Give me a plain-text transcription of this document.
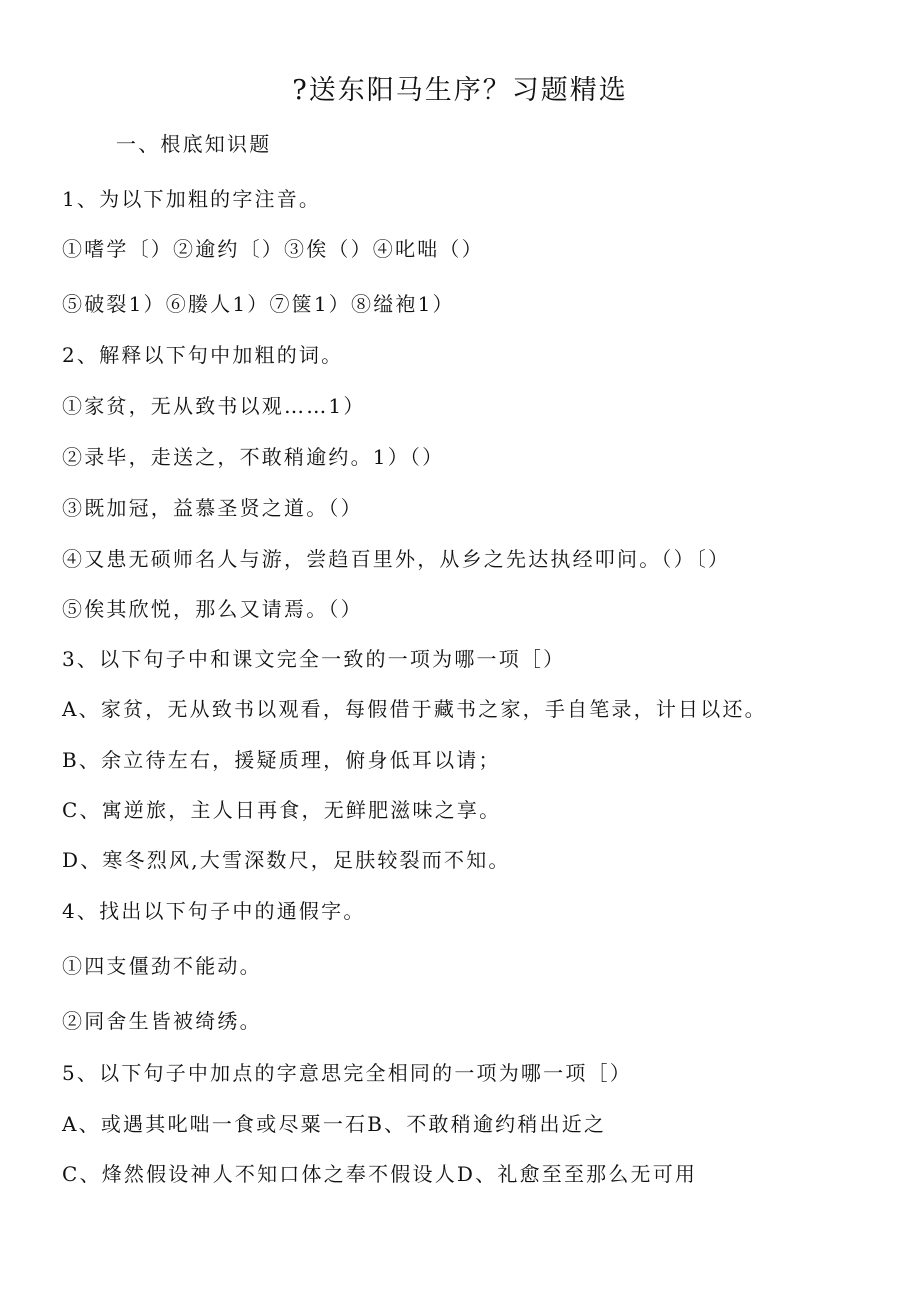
?送东阳马生序？习题精选
一、根底知识题
1、为以下加粗的字注音。
①嗜学〔）②逾约〔）③俟（）④叱咄（）
⑤破裂1）⑥媵人1）⑦箧1）⑧缢袍1）
2、解释以下句中加粗的词。
①家贫，无从致书以观……1）
②录毕，走送之，不敢稍逾约。1）（）
③既加冠，益慕圣贤之道。（）
④又患无硕师名人与游，尝趋百里外，从乡之先达执经叩问。（）〔）
⑤俟其欣悦，那么又请焉。（）
3、以下句子中和课文完全一致的一项为哪一项［）
A、家贫，无从致书以观看，每假借于藏书之家，手自笔录，计日以还。
B、余立待左右，援疑质理，俯身低耳以请；
C、寓逆旅，主人日再食，无鲜肥滋味之享。
D、寒冬烈风,大雪深数尺，足肤较裂而不知。
4、找出以下句子中的通假字。
①四支僵劲不能动。
②同舍生皆被绮绣。
5、以下句子中加点的字意思完全相同的一项为哪一项［）
A、或遇其叱咄一食或尽粟一石B、不敢稍逾约稍出近之
C、烽然假设神人不知口体之奉不假设人D、礼愈至至那么无可用
